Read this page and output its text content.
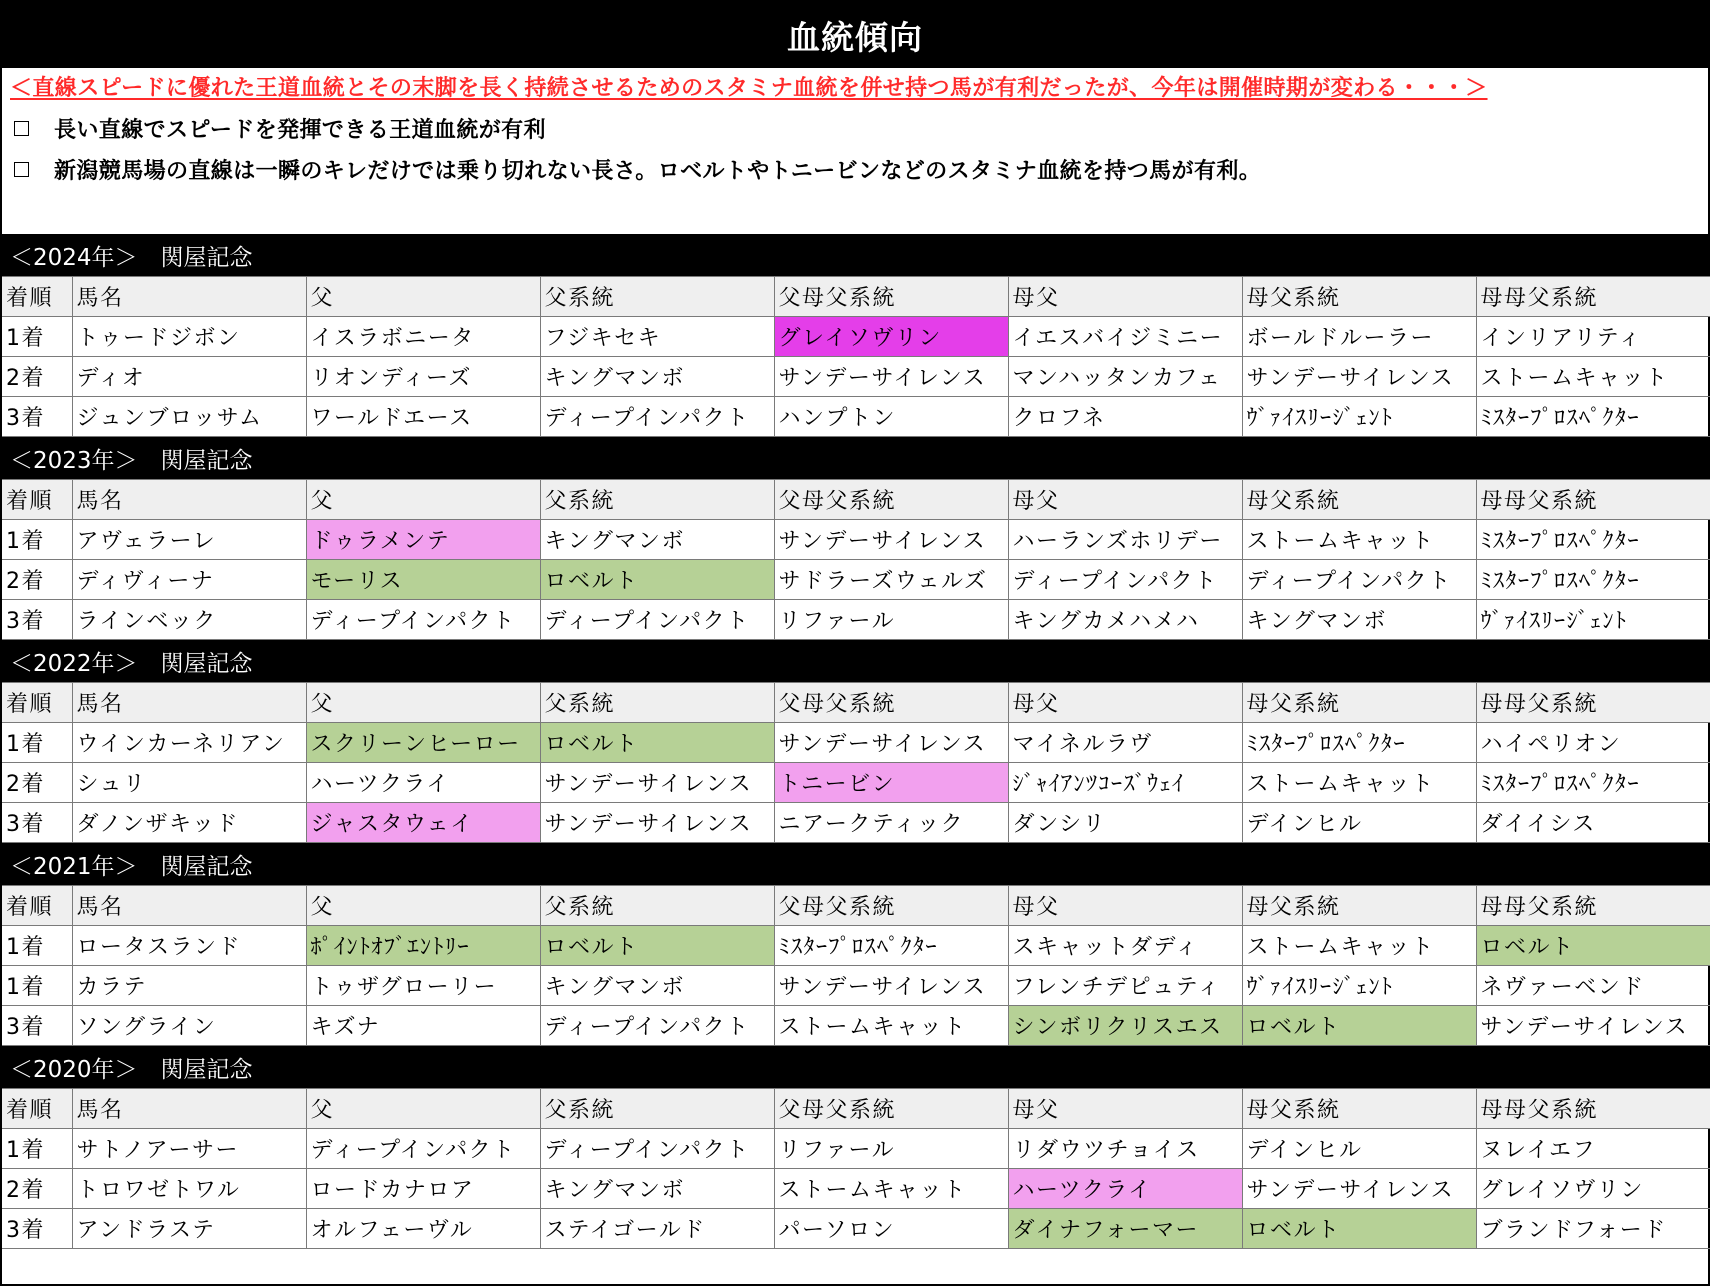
血統傾向
＜直線スピードに優れた王道血統とその末脚を長く持続させるためのスタミナ血統を併せ持つ馬が有利だったが、今年は開催時期が変わる・・・＞
長い直線でスピードを発揮できる王道血統が有利
新潟競馬場の直線は一瞬のキレだけでは乗り切れない長さ。ロベルトやトニービンなどのスタミナ血統を持つ馬が有利。
＜2024年＞　関屋記念
着順	馬名	父	父系統	父母父系統	母父	母父系統	母母父系統
1着	トゥードジボン	イスラボニータ	フジキセキ	グレイソヴリン	イエスバイジミニー	ボールドルーラー	インリアリティ
2着	ディオ	リオンディーズ	キングマンボ	サンデーサイレンス	マンハッタンカフェ	サンデーサイレンス	ストームキャット
3着	ジュンブロッサム	ワールドエース	ディープインパクト	ハンプトン	クロフネ	ｳﾞｧｲｽﾘｰｼﾞｪﾝﾄ	ﾐｽﾀｰﾌﾟﾛｽﾍﾟｸﾀｰ
＜2023年＞　関屋記念
着順	馬名	父	父系統	父母父系統	母父	母父系統	母母父系統
1着	アヴェラーレ	ドゥラメンテ	キングマンボ	サンデーサイレンス	ハーランズホリデー	ストームキャット	ﾐｽﾀｰﾌﾟﾛｽﾍﾟｸﾀｰ
2着	ディヴィーナ	モーリス	ロベルト	サドラーズウェルズ	ディープインパクト	ディープインパクト	ﾐｽﾀｰﾌﾟﾛｽﾍﾟｸﾀｰ
3着	ラインベック	ディープインパクト	ディープインパクト	リファール	キングカメハメハ	キングマンボ	ｳﾞｧｲｽﾘｰｼﾞｪﾝﾄ
＜2022年＞　関屋記念
着順	馬名	父	父系統	父母父系統	母父	母父系統	母母父系統
1着	ウインカーネリアン	スクリーンヒーロー	ロベルト	サンデーサイレンス	マイネルラヴ	ﾐｽﾀｰﾌﾟﾛｽﾍﾟｸﾀｰ	ハイペリオン
2着	シュリ	ハーツクライ	サンデーサイレンス	トニービン	ｼﾞｬｲｱﾝﾂｺｰｽﾞｳｪｲ	ストームキャット	ﾐｽﾀｰﾌﾟﾛｽﾍﾟｸﾀｰ
3着	ダノンザキッド	ジャスタウェイ	サンデーサイレンス	ニアークティック	ダンシリ	デインヒル	ダイイシス
＜2021年＞　関屋記念
着順	馬名	父	父系統	父母父系統	母父	母父系統	母母父系統
1着	ロータスランド	ﾎﾟｲﾝﾄｵﾌﾞｴﾝﾄﾘｰ	ロベルト	ﾐｽﾀｰﾌﾟﾛｽﾍﾟｸﾀｰ	スキャットダディ	ストームキャット	ロベルト
1着	カラテ	トゥザグローリー	キングマンボ	サンデーサイレンス	フレンチデピュティ	ｳﾞｧｲｽﾘｰｼﾞｪﾝﾄ	ネヴァーベンド
3着	ソングライン	キズナ	ディープインパクト	ストームキャット	シンボリクリスエス	ロベルト	サンデーサイレンス
＜2020年＞　関屋記念
着順	馬名	父	父系統	父母父系統	母父	母父系統	母母父系統
1着	サトノアーサー	ディープインパクト	ディープインパクト	リファール	リダウツチョイス	デインヒル	ヌレイエフ
2着	トロワゼトワル	ロードカナロア	キングマンボ	ストームキャット	ハーツクライ	サンデーサイレンス	グレイソヴリン
3着	アンドラステ	オルフェーヴル	ステイゴールド	パーソロン	ダイナフォーマー	ロベルト	ブランドフォード
